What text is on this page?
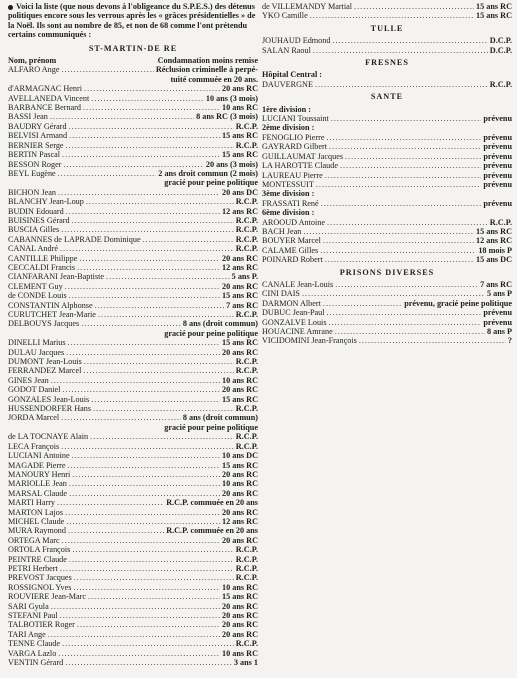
Voici la liste (que nous devons à l'obligeance du S.P.E.S.) des détenus politiques encore sous les verrous après les « grâces présidentielles » de la Noël. Ils sont au nombre de 85, et non de 68 comme l'ont prétendu certains communiqués :

ST-MARTIN-DE RE
Nom, prénom	Condamnation moins remise
ALFARO Ange .....	Réclusion criminelle à perpé-
tuité commuée en 20 ans.
d'ARMAGNAC Henri .....	20 ans RC
AVELLANEDA Vincent .....	10 ans (3 mois)
BARBANCE Bernard .....	10 ans RC
BASSI Jean .....	8 ans RC (3 mois)
BAUDRY Gérard .....	R.C.P.
BELVISI Armand .....	15 ans RC
BERNIER Serge .....	R.C.P.
BERTIN Pascal .....	15 ans RC
BESSON Roger .....	20 ans (3 mois)
BEYL Eugène .....	2 ans droit commun (2 mois)
gracié pour peine politique
BICHON Jean .....	20 ans DC
BLANCHY Jean-Loup .....	R.C.P.
BUDIN Edouard .....	12 ans RC
BUISINES Gérard .....	R.C.P.
BUSCIA Gilles .....	R.C.P.
CABANNES de LAPRADE Dominique .....	R.C.P.
CANAL André .....	R.C.P.
CANTILLE Philippe .....	20 ans RC
CECCALDI Francis .....	12 ans RC
CIANFARANI Jean-Baptiste .....	5 ans P.
CLEMENT Guy .....	20 ans RC
de CONDE Louis .....	15 ans RC
CONSTANTIN Alphonse .....	7 ans RC
CURUTCHET Jean-Marie .....	R.C.P.
DELBOUYS Jacques .....	8 ans (droit commun)
gracié pour peine politique
DINELLI Marius .....	15 ans RC
DULAU Jacques .....	20 ans RC
DUMONT Jean-Louis .....	R.C.P.
FERRANDEZ Marcel .....	R.C.P.
GINES Jean .....	10 ans RC
GODOT Daniel .....	20 ans RC
GONZALES Jean-Louis .....	15 ans RC
HUSSENDORFER Hans .....	R.C.P.
JORDA Marcel .....	8 ans (droit commun)
gracié pour peine politique
de LA TOCNAYE Alain .....	R.C.P.
LECA François .....	R.C.P.
LUCIANI Antoine .....	10 ans DC
MAGADE Pierre .....	15 ans RC
MANOURY Henri .....	20 ans RC
MARIOLLE Jean .....	10 ans RC
MARSAL Claude .....	20 ans RC
MARTI Harry .....	R.C.P. commuée en 20 ans
MARTON Lajos .....	20 ans RC
MICHEL Claude .....	12 ans RC
MURA Raymond .....	R.C.P. commuée en 20 ans
ORTEGA Marc .....	20 ans RC
ORTOLA François .....	R.C.P.
PEINTRE Claude .....	R.C.P.
PETRI Herbert .....	R.C.P.
PREVOST Jacques .....	R.C.P.
ROSSIGNOL Yves .....	10 ans RC
ROUVIERE Jean-Marc .....	15 ans RC
SARI Gyula .....	20 ans RC
STEFANI Paul .....	20 ans RC
TALBOTIER Roger .....	20 ans RC
TARI Ange .....	20 ans RC
TENNE Claude .....	R.C.P.
VARGA Lazlo .....	10 ans RC
VENTIN Gérard .....	3 ans 1
de VILLEMANDY Martial .....	15 ans RC
YKO Camille .....	15 ans RC
TULLE
JOUHAUD Edmond .....	D.C.P.
SALAN Raoul .....	D.C.P.
FRESNES
Hôpital Central :
DAUVERGNE .....	R.C.P.
SANTE
1ère division :
LUCIANI Toussaint .....	prévenu
2ème division :
FENOGLIO Pierre .....	prévenu
GAYRARD Gilbert .....	prévenu
GUILLAUMAT Jacques .....	prévenu
LA HAROTTE Claude .....	prévenu
LAUREAU Pierre .....	prévenu
MONTESSUIT .....	prévenu
3ème division :
FRASSATI René .....	prévenu
6ème division :
AROOUD Antoine .....	R.C.P.
BACH Jean .....	15 ans RC
BOUYER Marcel .....	12 ans RC
CALAME Gilles .....	18 mois P
POINARD Robert .....	15 ans DC
PRISONS DIVERSES
CANALE Jean-Louis .....	7 ans RC
CINI DAIS .....	5 ans P
DARMON Albert .....	prévenu, gracié peine politique
DUBUC Jean-Paul .....	prévenu
GONZALVE Louis .....	prévenu
HOUACINE Amrane .....	8 ans P
VICIDOMINI Jean-François .....	?
